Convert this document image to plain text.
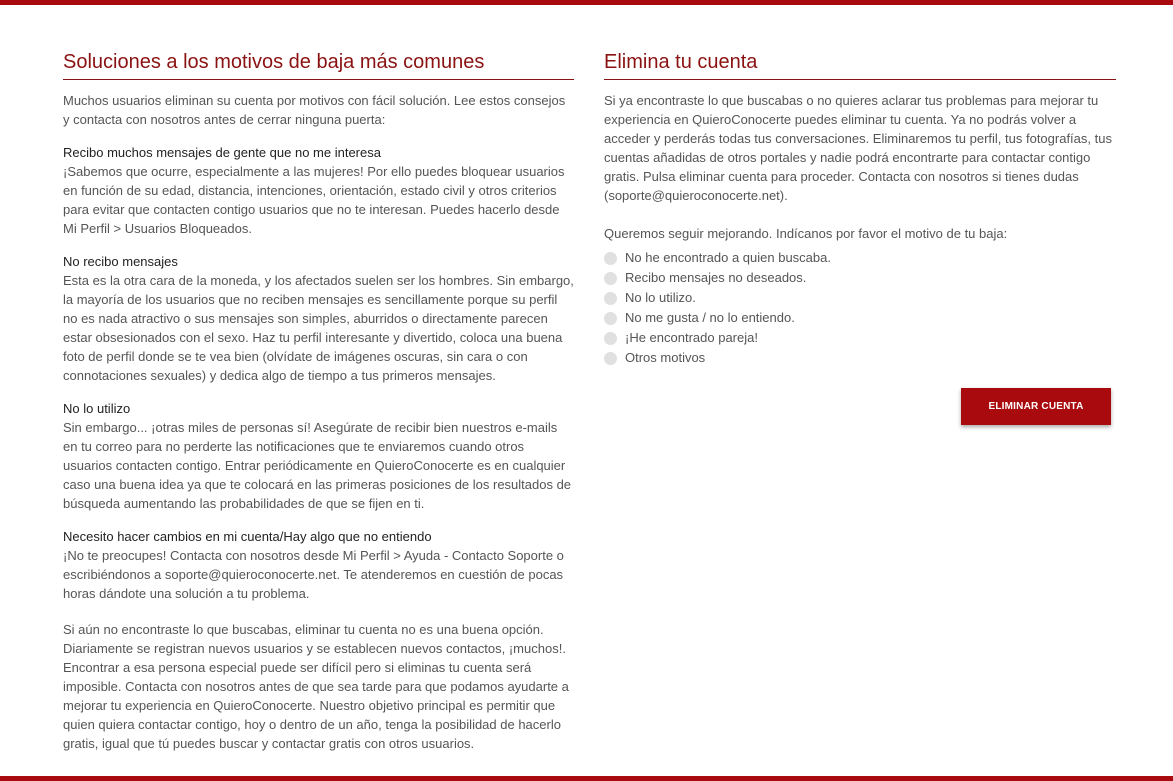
Soluciones a los motivos de baja más comunes

Muchos usuarios eliminan su cuenta por motivos con fácil solución. Lee estos consejos y contacta con nosotros antes de cerrar ninguna puerta:

Recibo muchos mensajes de gente que no me interesa

¡Sabemos que ocurre, especialmente a las mujeres! Por ello puedes bloquear usuarios en función de su edad, distancia, intenciones, orientación, estado civil y otros criterios para evitar que contacten contigo usuarios que no te interesan. Puedes hacerlo desde Mi Perfil > Usuarios Bloqueados.

No recibo mensajes

Esta es la otra cara de la moneda, y los afectados suelen ser los hombres. Sin embargo, la mayoría de los usuarios que no reciben mensajes es sencillamente porque su perfil no es nada atractivo o sus mensajes son simples, aburridos o directamente parecen estar obsesionados con el sexo. Haz tu perfil interesante y divertido, coloca una buena foto de perfil donde se te vea bien (olvídate de imágenes oscuras, sin cara o con connotaciones sexuales) y dedica algo de tiempo a tus primeros mensajes.

No lo utilizo

Sin embargo... ¡otras miles de personas sí! Asegúrate de recibir bien nuestros e-mails en tu correo para no perderte las notificaciones que te enviaremos cuando otros usuarios contacten contigo. Entrar periódicamente en QuieroConocerte es en cualquier caso una buena idea ya que te colocará en las primeras posiciones de los resultados de búsqueda aumentando las probabilidades de que se fijen en ti.

Necesito hacer cambios en mi cuenta/Hay algo que no entiendo

¡No te preocupes! Contacta con nosotros desde Mi Perfil > Ayuda - Contacto Soporte o escribiéndonos a soporte@quieroconocerte.net. Te atenderemos en cuestión de pocas horas dándote una solución a tu problema.

Si aún no encontraste lo que buscabas, eliminar tu cuenta no es una buena opción. Diariamente se registran nuevos usuarios y se establecen nuevos contactos, ¡muchos!. Encontrar a esa persona especial puede ser difícil pero si eliminas tu cuenta será imposible. Contacta con nosotros antes de que sea tarde para que podamos ayudarte a mejorar tu experiencia en QuieroConocerte. Nuestro objetivo principal es permitir que quien quiera contactar contigo, hoy o dentro de un año, tenga la posibilidad de hacerlo gratis, igual que tú puedes buscar y contactar gratis con otros usuarios.

Elimina tu cuenta

Si ya encontraste lo que buscabas o no quieres aclarar tus problemas para mejorar tu experiencia en QuieroConocerte puedes eliminar tu cuenta. Ya no podrás volver a acceder y perderás todas tus conversaciones. Eliminaremos tu perfil, tus fotografías, tus cuentas añadidas de otros portales y nadie podrá encontrarte para contactar contigo gratis. Pulsa eliminar cuenta para proceder. Contacta con nosotros si tienes dudas (soporte@quieroconocerte.net).

Queremos seguir mejorando. Indícanos por favor el motivo de tu baja:

No he encontrado a quien buscaba.
Recibo mensajes no deseados.
No lo utilizo.
No me gusta / no lo entiendo.
¡He encontrado pareja!
Otros motivos
ELIMINAR CUENTA
